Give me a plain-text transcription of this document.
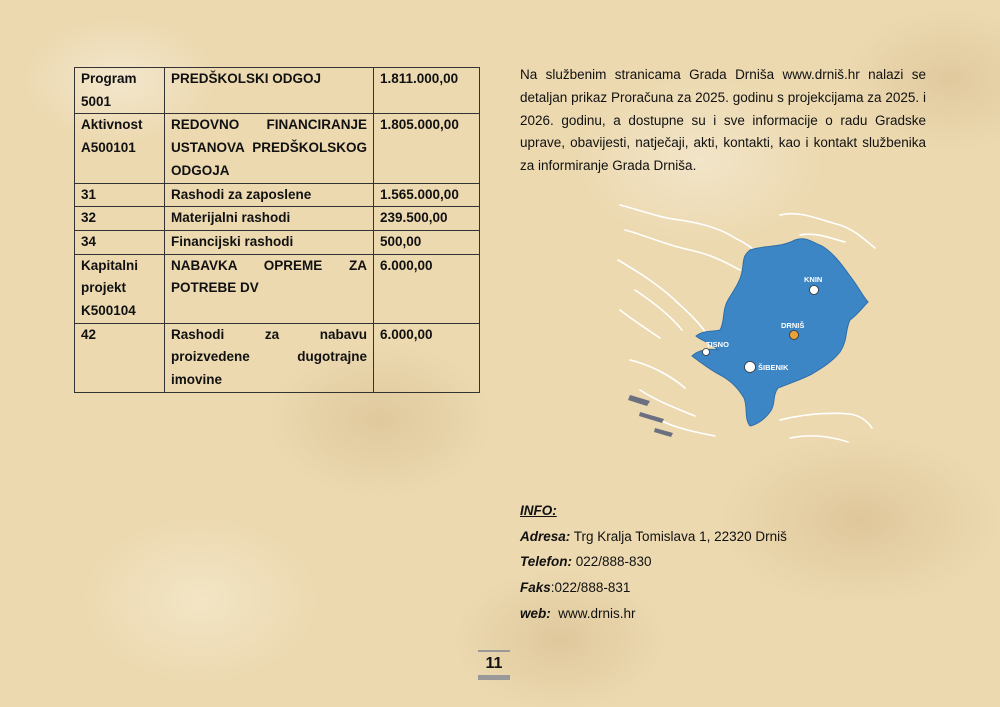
Program 5001	PREDŠKOLSKI ODGOJ	1.811.000,00
Aktivnost A500101	REDOVNO FINANCIRANJE USTANOVA PREDŠKOLSKOG ODGOJA	1.805.000,00
31	Rashodi za zaposlene	1.565.000,00
32	Materijalni rashodi	239.500,00
34	Financijski rashodi	500,00
Kapitalni projekt K500104	NABAVKA OPREME ZA POTREBE DV	6.000,00
42	Rashodi za nabavu proizvedene dugotrajne imovine	6.000,00

Na službenim stranicama Grada Drniša www.drniš.hr nalazi se detaljan prikaz Proračuna za 2025. godinu s projekcijama za 2025. i 2026. godinu, a dostupne su i sve informacije o radu Gradske uprave, obavijesti, natječaji, akti, kontakti, kao i kontakt službenika za informiranje Grada Drniša.

KNIN
DRNIŠ
TISNO
ŠIBENIK
INFO:
Adresa: Trg Kralja Tomislava 1, 22320 Drniš
Telefon: 022/888-830
Faks:022/888-831
web:  www.drnis.hr
11
